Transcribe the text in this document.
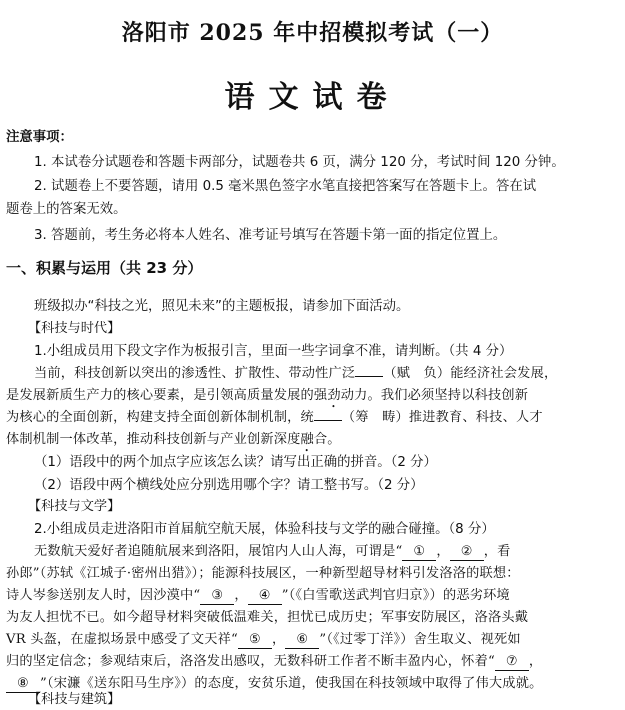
洛阳市 2025 年中招模拟考试（一）
语文试卷
注意事项：
1. 本试卷分试题卷和答题卡两部分，试题卷共 6 页，满分 120 分，考试时间 120 分钟。
2. 试题卷上不要答题，请用 0.5 毫米黑色签字水笔直接把答案写在答题卡上。答在试
题卷上的答案无效。
3. 答题前，考生务必将本人姓名、准考证号填写在答题卡第一面的指定位置上。
一、积累与运用（共 23 分）
班级拟办“科技之光，照见未来”的主题板报，请参加下面活动。
【科技与时代】
1.小组成员用下段文字作为板报引言，里面一些字词拿不准，请判断。（共 4 分）
当前，科技创新以突出的渗透性、扩散性、带动性广泛 （赋　负）能经济社会发展，
是发展新质生产力的核心要素，是引领高质量发展的强劲动力。我们必须坚持以科技创新
为核心的全面创新，构建支持全面创新体制机制，统 （筹　畴）推进教育、科技、人才
体制机制一体改革，推动科技创新与产业创新深度融合。
（1）语段中的两个加点字应该怎么读？请写出正确的拼音。（2 分）
（2）语段中两个横线处应分别选用哪个字？请工整书写。（2 分）
【科技与文学】
2.小组成员走进洛阳市首届航空航天展，体验科技与文学的融合碰撞。（8 分）
无数航天爱好者追随航展来到洛阳，展馆内人山人海，可谓是“ ① ， ② ，看
孙郎”（苏轼《江城子·密州出猎》）；能源科技展区，一种新型超导材料引发洛洛的联想：
诗人岑参送别友人时，因沙漠中“ ③ ， ④ ”（《白雪歌送武判官归京》）的恶劣环境
为友人担忧不已。如今超导材料突破低温难关，担忧已成历史；军事安防展区，洛洛头戴
VR 头盔，在虚拟场景中感受了文天祥“ ⑤ ， ⑥ ”（《过零丁洋》）舍生取义、视死如
归的坚定信念；参观结束后，洛洛发出感叹，无数科研工作者不断丰盈内心，怀着“ ⑦ ，
⑧ ”（宋濂《送东阳马生序》）的态度，安贫乐道，使我国在科技领域中取得了伟大成就。
【科技与建筑】
